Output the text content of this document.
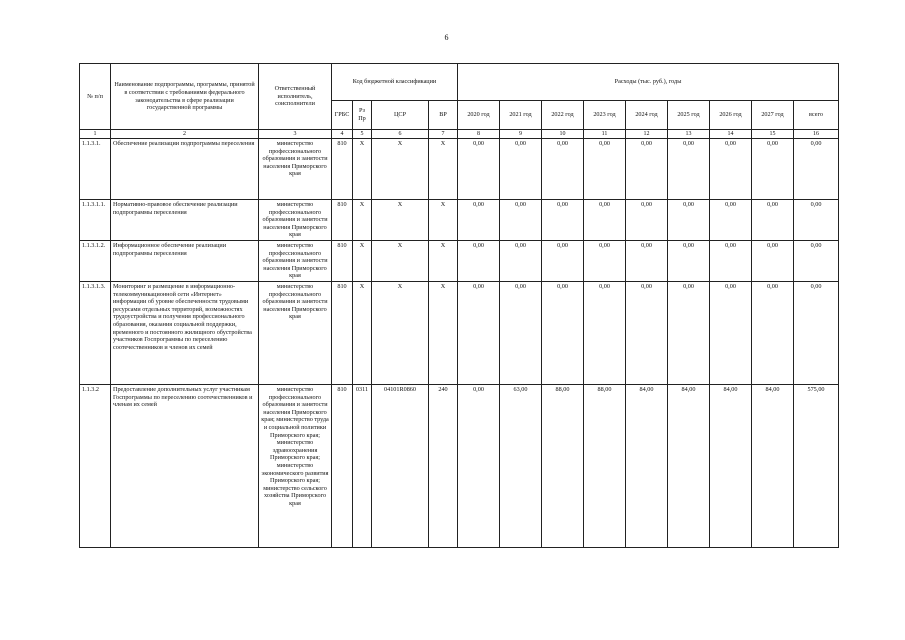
6
№ п/п	Наименование подпрограммы, программы, принятой в соответствии с требованиями федерального законодательства в сфере реализации государственной программы	Ответственный исполнитель, соисполнители	Код бюджетной классификации				Расходы (тыс. руб.), годы								
			ГРБС	Рз Пр	ЦСР	ВР	2020 год	2021 год	2022 год	2023 год	2024 год	2025 год	2026 год	2027 год	всего
1	2	3	4	5	6	7	8	9	10	11	12	13	14	15	16
1.1.3.1.	Обеспечение реализации подпрограммы переселения	министерство профессионального образования и занятости населения Приморского края	810	Х	Х	Х	0,00	0,00	0,00	0,00	0,00	0,00	0,00	0,00	0,00
1.1.3.1.1.	Нормативно-правовое обеспечение реализации подпрограммы переселения	министерство профессионального образования и занятости населения Приморского края	810	Х	Х	Х	0,00	0,00	0,00	0,00	0,00	0,00	0,00	0,00	0,00
1.1.3.1.2.	Информационное обеспечение реализации подпрограммы переселения	министерство профессионального образования и занятости населения Приморского края	810	Х	Х	Х	0,00	0,00	0,00	0,00	0,00	0,00	0,00	0,00	0,00
1.1.3.1.3.	Мониторинг и размещение в информационно-телекоммуникационной сети «Интернет» информации об уровне обеспеченности трудовыми ресурсами отдельных территорий, возможностях трудоустройства и получения профессионального образования, оказания социальной поддержки, временного и постоянного жилищного обустройства участников Госпрограммы по переселению соотечественников и членов их семей	министерство профессионального образования и занятости населения Приморского края	810	Х	Х	Х	0,00	0,00	0,00	0,00	0,00	0,00	0,00	0,00	0,00
1.1.3.2	Предоставление дополнительных услуг участникам Госпрограммы по переселению соотечественников и членам их семей	министерство профессионального образования и занятости населения Приморского края; министерство труда и социальной политики Приморского края; министерство здравоохранения Приморского края; министерство экономического развития Приморского края; министерство сельского хозяйства Приморского края	810	0311	04101R0860	240	0,00	63,00	88,00	88,00	84,00	84,00	84,00	84,00	575,00
